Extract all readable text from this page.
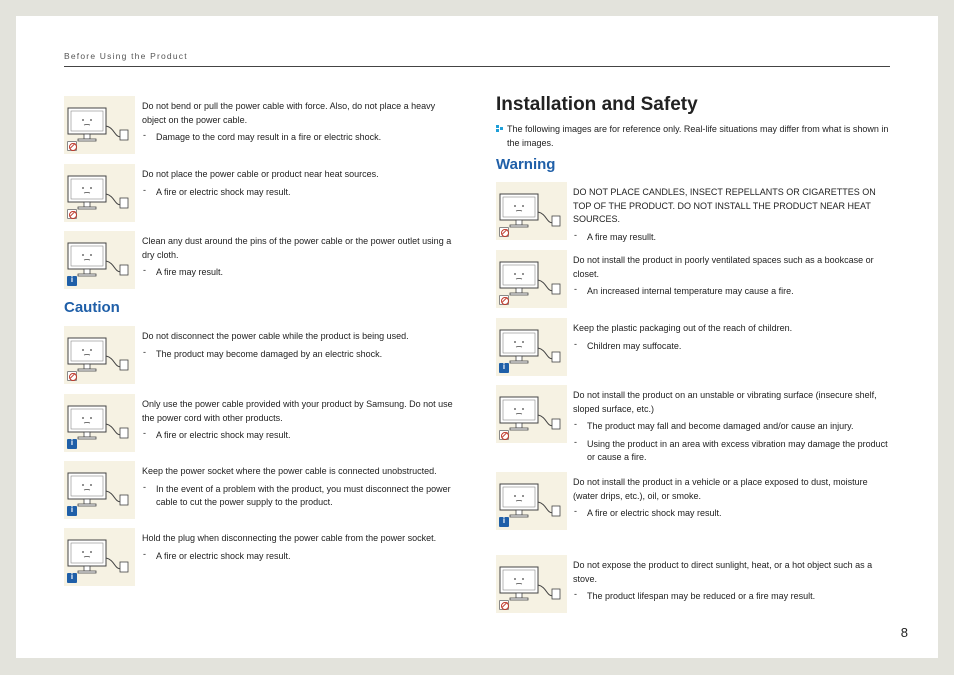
Before Using the Product
Do not bend or pull the power cable with force. Also, do not place a heavy object on the power cable.
- Damage to the cord may result in a fire or electric shock.
Do not place the power cable or product near heat sources.
- A fire or electric shock may result.
i
Clean any dust around the pins of the power cable or the power outlet using a dry cloth.
- A fire may result.
Caution
Do not disconnect the power cable while the product is being used.
- The product may become damaged by an electric shock.
i
Only use the power cable provided with your product by Samsung. Do not use the power cord with other products.
- A fire or electric shock may result.
i
Keep the power socket where the power cable is connected unobstructed.
- In the event of a problem with the product, you must disconnect the power cable to cut the power supply to the product.
i
Hold the plug when disconnecting the power cable from the power socket.
- A fire or electric shock may result.
Installation and Safety
The following images are for reference only. Real-life situations may differ from what is shown in the images.
Warning
DO NOT PLACE CANDLES, INSECT REPELLANTS OR CIGARETTES ON TOP OF THE PRODUCT. DO NOT INSTALL THE PRODUCT NEAR HEAT SOURCES.
- A fire may resullt.
Do not install the product in poorly ventilated spaces such as a bookcase or closet.
- An increased internal temperature may cause a fire.
i
Keep the plastic packaging out of the reach of children.
- Children may suffocate.
Do not install the product on an unstable or vibrating surface (insecure shelf, sloped surface, etc.)
- The product may fall and become damaged and/or cause an injury.
- Using the product in an area with excess vibration may damage the product or cause a fire.
i
Do not install the product in a vehicle or a place exposed to dust, moisture (water drips, etc.), oil, or smoke.
- A fire or electric shock may result.
Do not expose the product to direct sunlight, heat, or a hot object such as a stove.
- The product lifespan may be reduced or a fire may result.
8
